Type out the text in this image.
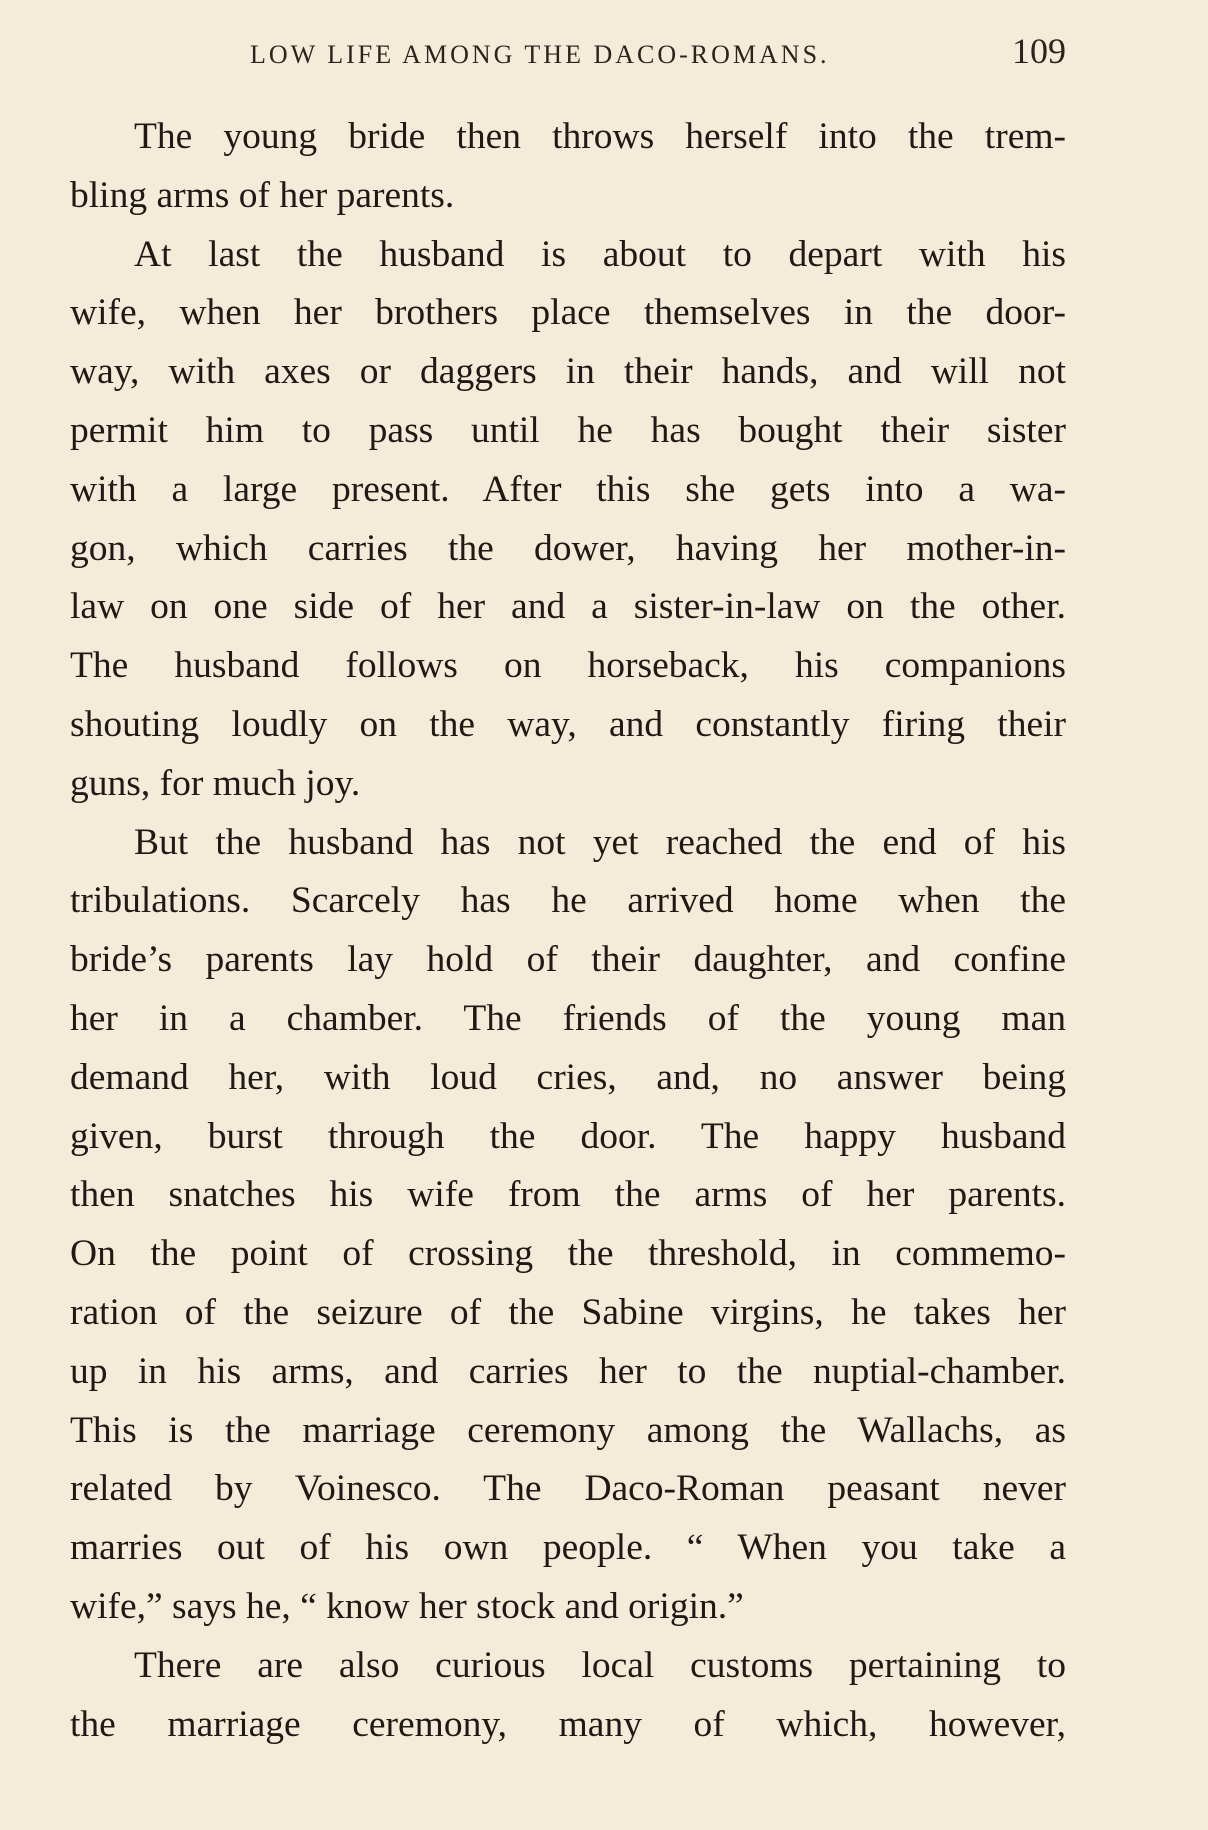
LOW LIFE AMONG THE DACO-ROMANS.	109
The young bride then throws herself into the trem-
bling arms of her parents.
At last the husband is about to depart with his
wife, when her brothers place themselves in the door-
way, with axes or daggers in their hands, and will not
permit him to pass until he has bought their sister
with a large present. After this she gets into a wa-
gon, which carries the dower, having her mother-in-
law on one side of her and a sister-in-law on the other.
The husband follows on horseback, his companions
shouting loudly on the way, and constantly firing their
guns, for much joy.
But the husband has not yet reached the end of his
tribulations. Scarcely has he arrived home when the
bride’s parents lay hold of their daughter, and confine
her in a chamber. The friends of the young man
demand her, with loud cries, and, no answer being
given, burst through the door. The happy husband
then snatches his wife from the arms of her parents.
On the point of crossing the threshold, in commemo-
ration of the seizure of the Sabine virgins, he takes her
up in his arms, and carries her to the nuptial-chamber.
This is the marriage ceremony among the Wallachs, as
related by Voinesco. The Daco-Roman peasant never
marries out of his own people. “ When you take a
wife,” says he, “ know her stock and origin.”
There are also curious local customs pertaining to
the marriage ceremony, many of which, however,
